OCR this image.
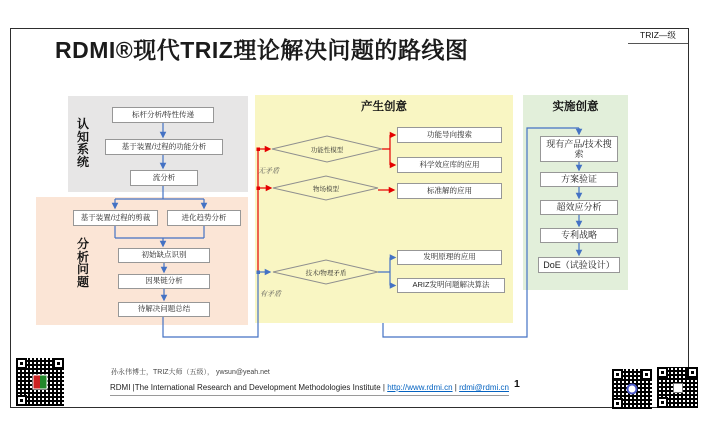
RDMI®现代TRIZ理论解决问题的路线图
TRIZ—级
认知系统
分析问题
产生创意	实施创意
标杆分析/特性传递
基于装置/过程的功能分析
流分析
基于装置/过程的剪裁	进化趋势分析
初始缺点识别
因果链分析
待解决问题总结
功能性模型
物场模型
技术/物理矛盾
无矛盾
有矛盾
功能导向搜索
科学效应库的应用
标准解的应用
发明原理的应用
ARIZ发明问题解决算法
现有产品/技术搜索
方案验证
超效应分析
专利战略
DoE（试验设计）
孙永伟博士，TRIZ大师（五级）， ywsun@yeah.net
RDMI |The International Research and Development Methodologies Institute | http://www.rdmi.cn | rdmi@rdmi.cn 1
